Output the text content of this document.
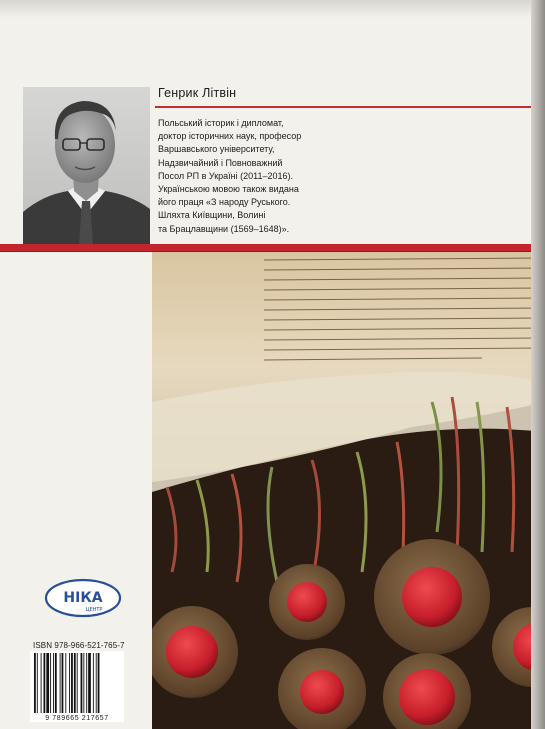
Генрик Літвін
Польський історик і дипломат,
доктор історичних наук, професор
Варшавського університету,
Надзвичайний і Повноважний
Посол РП в Україні (2011–2016).
Українською мовою також видана
його праця «З народу Руського.
Шляхта Київщини, Волині
та Брацлавщини (1569–1648)».
НІКА
ЦЕНТР
ISBN 978-966-521-765-7
9 789665 217657
